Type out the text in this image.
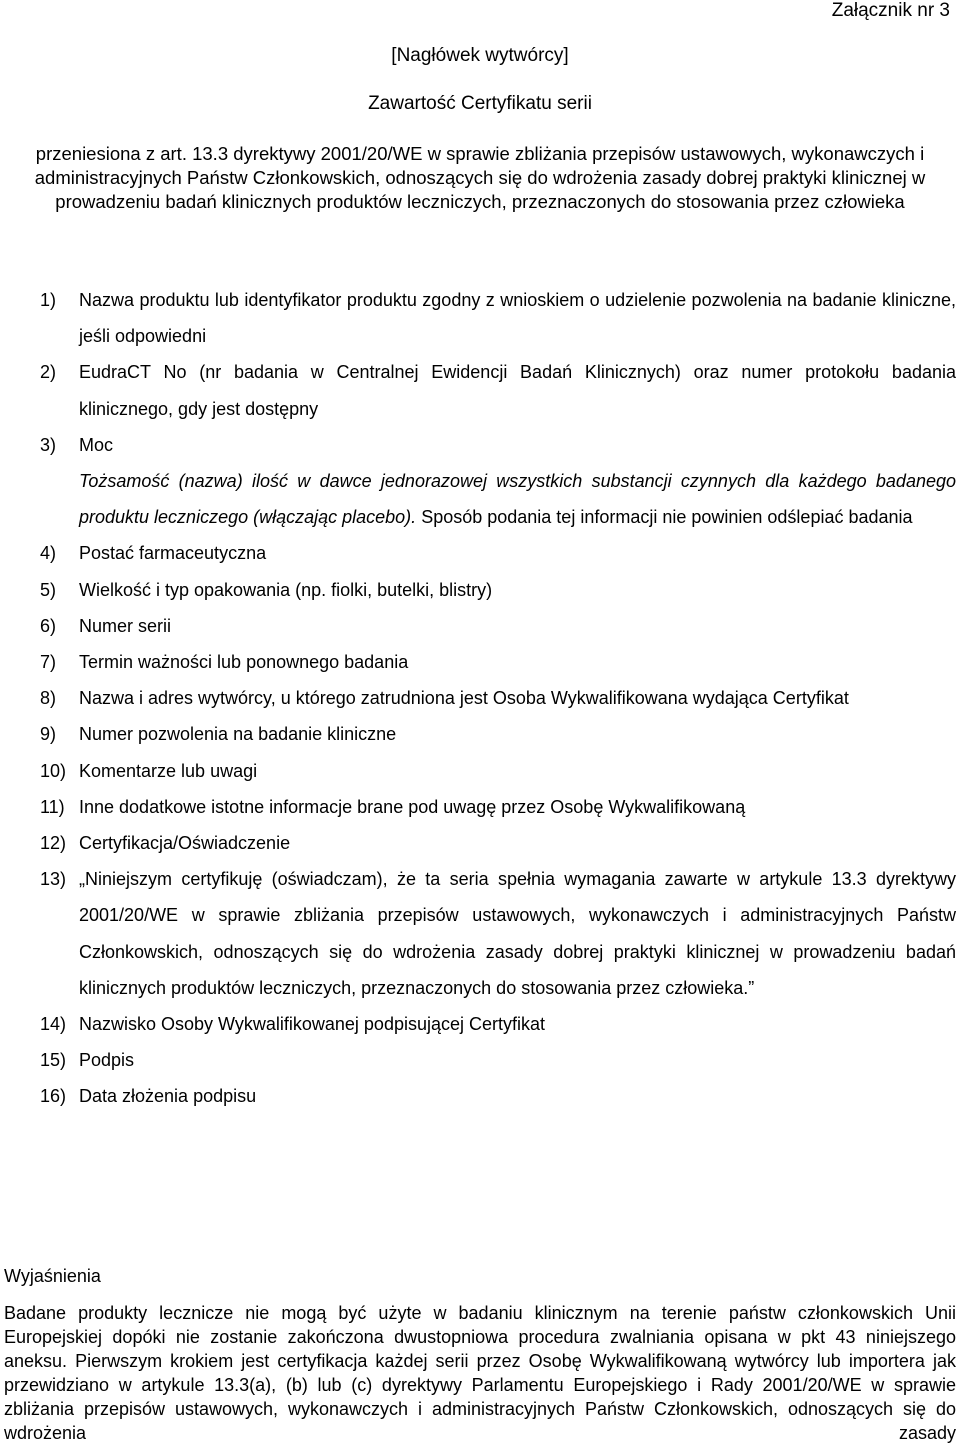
Załącznik nr 3
[Nagłówek wytwórcy]
Zawartość Certyfikatu serii
przeniesiona z art. 13.3 dyrektywy 2001/20/WE w sprawie zbliżania przepisów ustawowych, wykonawczych i administracyjnych Państw Członkowskich, odnoszących się do wdrożenia zasady dobrej praktyki klinicznej w prowadzeniu badań klinicznych produktów leczniczych, przeznaczonych do stosowania przez człowieka
1) Nazwa produktu lub identyfikator produktu zgodny z wnioskiem o udzielenie pozwolenia na badanie kliniczne, jeśli odpowiedni
2) EudraCT No (nr badania w Centralnej Ewidencji Badań Klinicznych) oraz numer protokołu badania klinicznego, gdy jest dostępny
3) Moc
Tożsamość (nazwa) ilość w dawce jednorazowej wszystkich substancji czynnych dla każdego badanego produktu leczniczego (włączając placebo). Sposób podania tej informacji nie powinien odślepiać badania
4) Postać farmaceutyczna
5) Wielkość i typ opakowania (np. fiolki, butelki, blistry)
6) Numer serii
7) Termin ważności lub ponownego badania
8) Nazwa i adres wytwórcy, u którego zatrudniona jest Osoba Wykwalifikowana wydająca Certyfikat
9) Numer pozwolenia na badanie kliniczne
10) Komentarze lub uwagi
11) Inne dodatkowe istotne informacje brane pod uwagę przez Osobę Wykwalifikowaną
12) Certyfikacja/Oświadczenie
13) „Niniejszym certyfikuję (oświadczam), że ta seria spełnia wymagania zawarte w artykule 13.3 dyrektywy 2001/20/WE w sprawie zbliżania przepisów ustawowych, wykonawczych i administracyjnych Państw Członkowskich, odnoszących się do wdrożenia zasady dobrej praktyki klinicznej w prowadzeniu badań klinicznych produktów leczniczych, przeznaczonych do stosowania przez człowieka.”
14) Nazwisko Osoby Wykwalifikowanej podpisującej Certyfikat
15) Podpis
16) Data złożenia podpisu
Wyjaśnienia
Badane produkty lecznicze nie mogą być użyte w badaniu klinicznym na terenie państw członkowskich Unii Europejskiej dopóki nie zostanie zakończona dwustopniowa procedura zwalniania opisana w pkt 43 niniejszego aneksu. Pierwszym krokiem jest certyfikacja każdej serii przez Osobę Wykwalifikowaną wytwórcy lub importera jak przewidziano w artykule 13.3(a), (b) lub (c) dyrektywy Parlamentu Europejskiego i Rady 2001/20/WE w sprawie zbliżania przepisów ustawowych, wykonawczych i administracyjnych Państw Członkowskich, odnoszących się do wdrożenia zasady
